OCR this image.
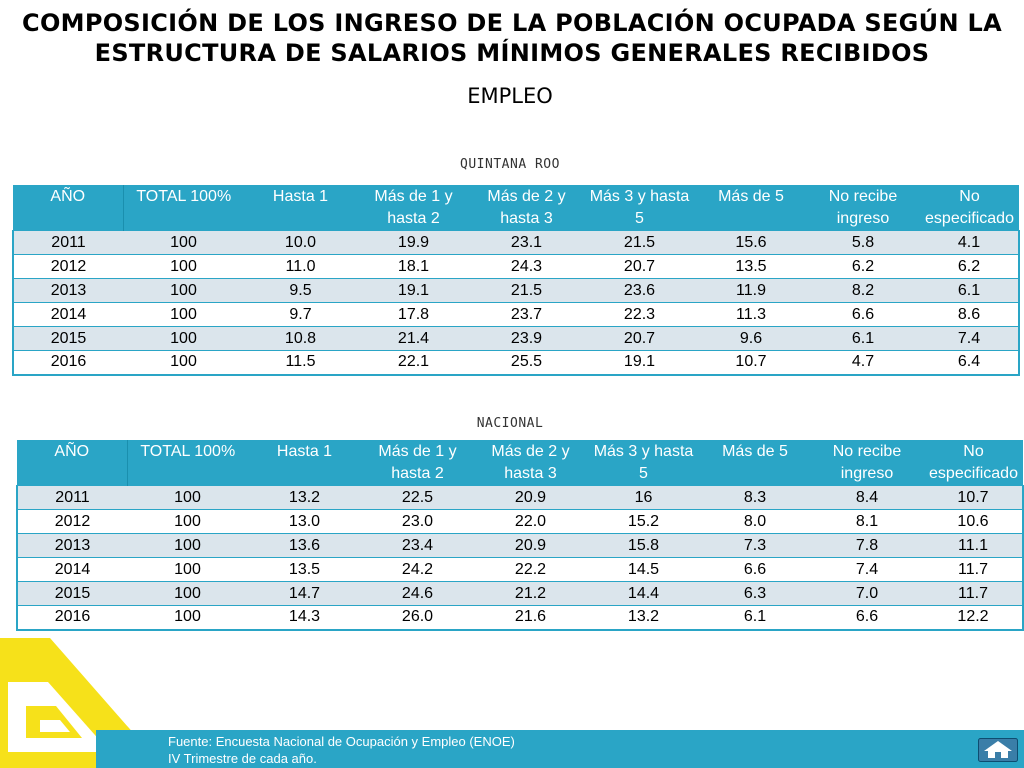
COMPOSICIÓN DE LOS INGRESO DE LA POBLACIÓN OCUPADA SEGÚN LA
ESTRUCTURA DE SALARIOS MÍNIMOS GENERALES RECIBIDOS
EMPLEO
QUINTANA ROO
AÑO	TOTAL 100%	Hasta 1	Más de 1 y hasta 2	Más de 2 y hasta 3	Más 3 y hasta 5	Más de 5	No recibe ingreso	No especificado
2011	100	10.0	19.9	23.1	21.5	15.6	5.8	4.1
2012	100	11.0	18.1	24.3	20.7	13.5	6.2	6.2
2013	100	9.5	19.1	21.5	23.6	11.9	8.2	6.1
2014	100	9.7	17.8	23.7	22.3	11.3	6.6	8.6
2015	100	10.8	21.4	23.9	20.7	9.6	6.1	7.4
2016	100	11.5	22.1	25.5	19.1	10.7	4.7	6.4
NACIONAL
AÑO	TOTAL 100%	Hasta 1	Más de 1 y hasta 2	Más de 2 y hasta 3	Más 3 y hasta 5	Más de 5	No recibe ingreso	No especificado
2011	100	13.2	22.5	20.9	16	8.3	8.4	10.7
2012	100	13.0	23.0	22.0	15.2	8.0	8.1	10.6
2013	100	13.6	23.4	20.9	15.8	7.3	7.8	11.1
2014	100	13.5	24.2	22.2	14.5	6.6	7.4	11.7
2015	100	14.7	24.6	21.2	14.4	6.3	7.0	11.7
2016	100	14.3	26.0	21.6	13.2	6.1	6.6	12.2
Fuente: Encuesta Nacional de Ocupación y Empleo (ENOE)
IV Trimestre de cada año.
